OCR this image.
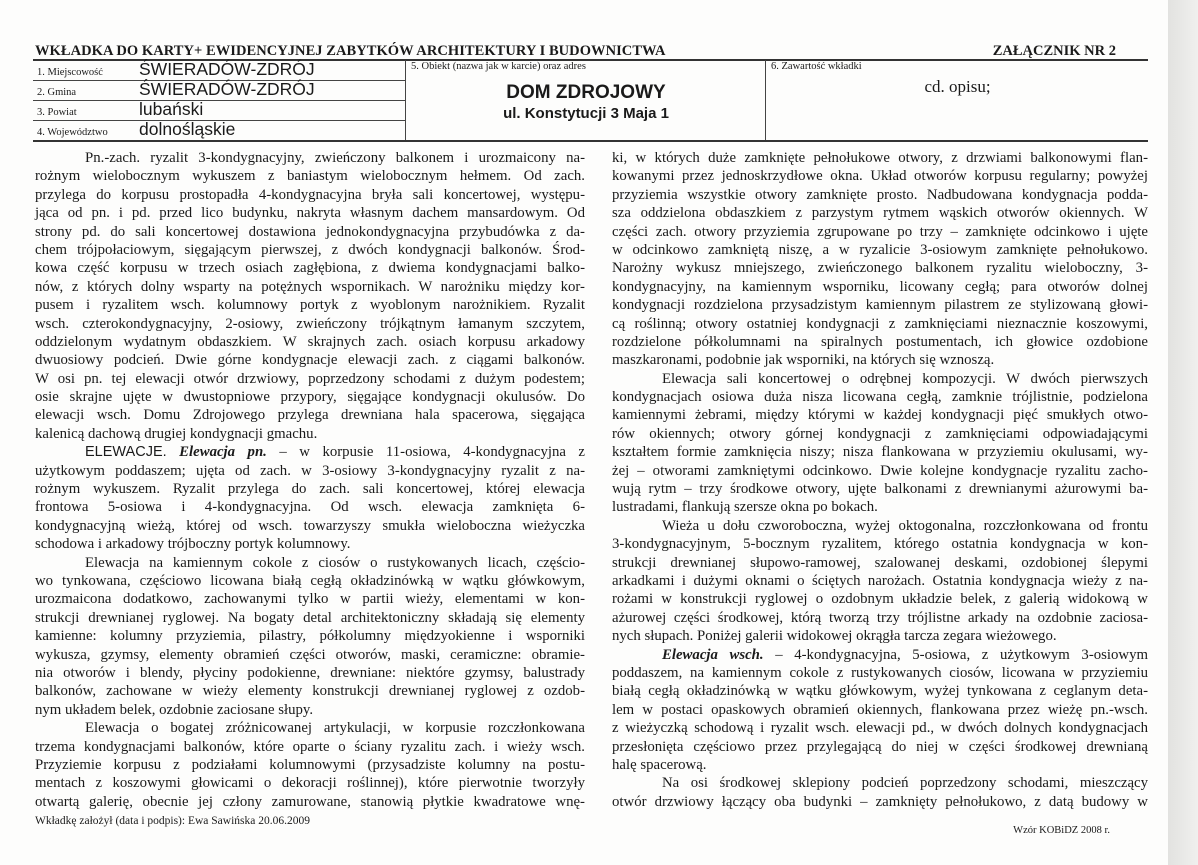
WKŁADKA DO KARTY+ EWIDENCYJNEJ ZABYTKÓW ARCHITEKTURY I BUDOWNICTWA	ZAŁĄCZNIK NR 2
1. Miejscowość ŚWIERADÓW-ZDRÓJ
2. Gmina	ŚWIERADÓW-ZDRÓJ
3. Powiat	lubański
4. Województwo dolnośląskie
5. Obiekt (nazwa jak w karcie) oraz adres
DOM ZDROJOWY
ul. Konstytucji 3 Maja 1
6. Zawartość wkładki
cd. opisu;
Pn.-zach. ryzalit 3-kondygnacyjny, zwieńczony balkonem i urozmaicony na-
rożnym wielobocznym wykuszem z baniastym wielobocznym hełmem. Od zach.
przylega do korpusu prostopadła 4-kondygnacyjna bryła sali koncertowej, występu-
jąca od pn. i pd. przed lico budynku, nakryta własnym dachem mansardowym. Od
strony pd. do sali koncertowej dostawiona jednokondygnacyjna przybudówka z da-
chem trójpołaciowym, sięgającym pierwszej, z dwóch kondygnacji balkonów. Środ-
kowa część korpusu w trzech osiach zagłębiona, z dwiema kondygnacjami balko-
nów, z których dolny wsparty na potężnych wspornikach. W narożniku między kor-
pusem i ryzalitem wsch. kolumnowy portyk z wyoblonym narożnikiem. Ryzalit
wsch. czterokondygnacyjny, 2-osiowy, zwieńczony trójkątnym łamanym szczytem,
oddzielonym wydatnym obdaszkiem. W skrajnych zach. osiach korpusu arkadowy
dwuosiowy podcień. Dwie górne kondygnacje elewacji zach. z ciągami balkonów.
W osi pn. tej elewacji otwór drzwiowy, poprzedzony schodami z dużym podestem;
osie skrajne ujęte w dwustopniowe przypory, sięgające kondygnacji okulusów. Do
elewacji wsch. Domu Zdrojowego przylega drewniana hala spacerowa, sięgająca
kalenicą dachową drugiej kondygnacji gmachu.
ELEWACJE. Elewacja pn. – w korpusie 11-osiowa, 4-kondygnacyjna z
użytkowym poddaszem; ujęta od zach. w 3-osiowy 3-kondygnacyjny ryzalit z na-
rożnym wykuszem. Ryzalit przylega do zach. sali koncertowej, której elewacja
frontowa 5-osiowa i 4-kondygnacyjna. Od wsch. elewacja zamknięta 6-
kondygnacyjną wieżą, której od wsch. towarzyszy smukła wieloboczna wieżyczka
schodowa i arkadowy trójboczny portyk kolumnowy.
Elewacja na kamiennym cokole z ciosów o rustykowanych licach, częścio-
wo tynkowana, częściowo licowana białą cegłą okładzinówką w wątku główkowym,
urozmaicona dodatkowo, zachowanymi tylko w partii wieży, elementami w kon-
strukcji drewnianej ryglowej. Na bogaty detal architektoniczny składają się elementy
kamienne: kolumny przyziemia, pilastry, półkolumny międzyokienne i wsporniki
wykusza, gzymsy, elementy obramień części otworów, maski, ceramiczne: obramie-
nia otworów i blendy, płyciny podokienne, drewniane: niektóre gzymsy, balustrady
balkonów, zachowane w wieży elementy konstrukcji drewnianej ryglowej z ozdob-
nym układem belek, ozdobnie zaciosane słupy.
Elewacja o bogatej zróżnicowanej artykulacji, w korpusie rozczłonkowana
trzema kondygnacjami balkonów, które oparte o ściany ryzalitu zach. i wieży wsch.
Przyziemie korpusu z podziałami kolumnowymi (przysadziste kolumny na postu-
mentach z koszowymi głowicami o dekoracji roślinnej), które pierwotnie tworzyły
otwartą galerię, obecnie jej człony zamurowane, stanowią płytkie kwadratowe wnę-
ki, w których duże zamknięte pełnołukowe otwory, z drzwiami balkonowymi flan-
kowanymi przez jednoskrzydłowe okna. Układ otworów korpusu regularny; powyżej
przyziemia wszystkie otwory zamknięte prosto. Nadbudowana kondygnacja podda-
sza oddzielona obdaszkiem z parzystym rytmem wąskich otworów okiennych. W
części zach. otwory przyziemia zgrupowane po trzy – zamknięte odcinkowo i ujęte
w odcinkowo zamkniętą niszę, a w ryzalicie 3-osiowym zamknięte pełnołukowo.
Narożny wykusz mniejszego, zwieńczonego balkonem ryzalitu wieloboczny, 3-
kondygnacyjny, na kamiennym wsporniku, licowany cegłą; para otworów dolnej
kondygnacji rozdzielona przysadzistym kamiennym pilastrem ze stylizowaną głowi-
cą roślinną; otwory ostatniej kondygnacji z zamknięciami nieznacznie koszowymi,
rozdzielone półkolumnami na spiralnych postumentach, ich głowice ozdobione
maszkaronami, podobnie jak wsporniki, na których się wznoszą.
Elewacja sali koncertowej o odrębnej kompozycji. W dwóch pierwszych
kondygnacjach osiowa duża nisza licowana cegłą, zamknie trójlistnie, podzielona
kamiennymi żebrami, między którymi w każdej kondygnacji pięć smukłych otwo-
rów okiennych; otwory górnej kondygnacji z zamknięciami odpowiadającymi
kształtem formie zamknięcia niszy; nisza flankowana w przyziemiu okulusami, wy-
żej – otworami zamkniętymi odcinkowo. Dwie kolejne kondygnacje ryzalitu zacho-
wują rytm – trzy środkowe otwory, ujęte balkonami z drewnianymi ażurowymi ba-
lustradami, flankują szersze okna po bokach.
Wieża u dołu czworoboczna, wyżej oktogonalna, rozczłonkowana od frontu
3-kondygnacyjnym, 5-bocznym ryzalitem, którego ostatnia kondygnacja w kon-
strukcji drewnianej słupowo-ramowej, szalowanej deskami, ozdobionej ślepymi
arkadkami i dużymi oknami o ściętych narożach. Ostatnia kondygnacja wieży z na-
rożami w konstrukcji ryglowej o ozdobnym układzie belek, z galerią widokową w
ażurowej części środkowej, którą tworzą trzy trójlistne arkady na ozdobnie zaciosa-
nych słupach. Poniżej galerii widokowej okrągła tarcza zegara wieżowego.
Elewacja wsch. – 4-kondygnacyjna, 5-osiowa, z użytkowym 3-osiowym
poddaszem, na kamiennym cokole z rustykowanych ciosów, licowana w przyziemiu
białą cegłą okładzinówką w wątku główkowym, wyżej tynkowana z ceglanym deta-
lem w postaci opaskowych obramień okiennych, flankowana przez wieżę pn.-wsch.
z wieżyczką schodową i ryzalit wsch. elewacji pd., w dwóch dolnych kondygnacjach
przesłonięta częściowo przez przylegającą do niej w części środkowej drewnianą
halę spacerową.
Na osi środkowej sklepiony podcień poprzedzony schodami, mieszczący
otwór drzwiowy łączący oba budynki – zamknięty pełnołukowo, z datą budowy w
Wkładkę założył (data i podpis): Ewa Sawińska 20.06.2009
Wzór KOBiDZ 2008 r.
